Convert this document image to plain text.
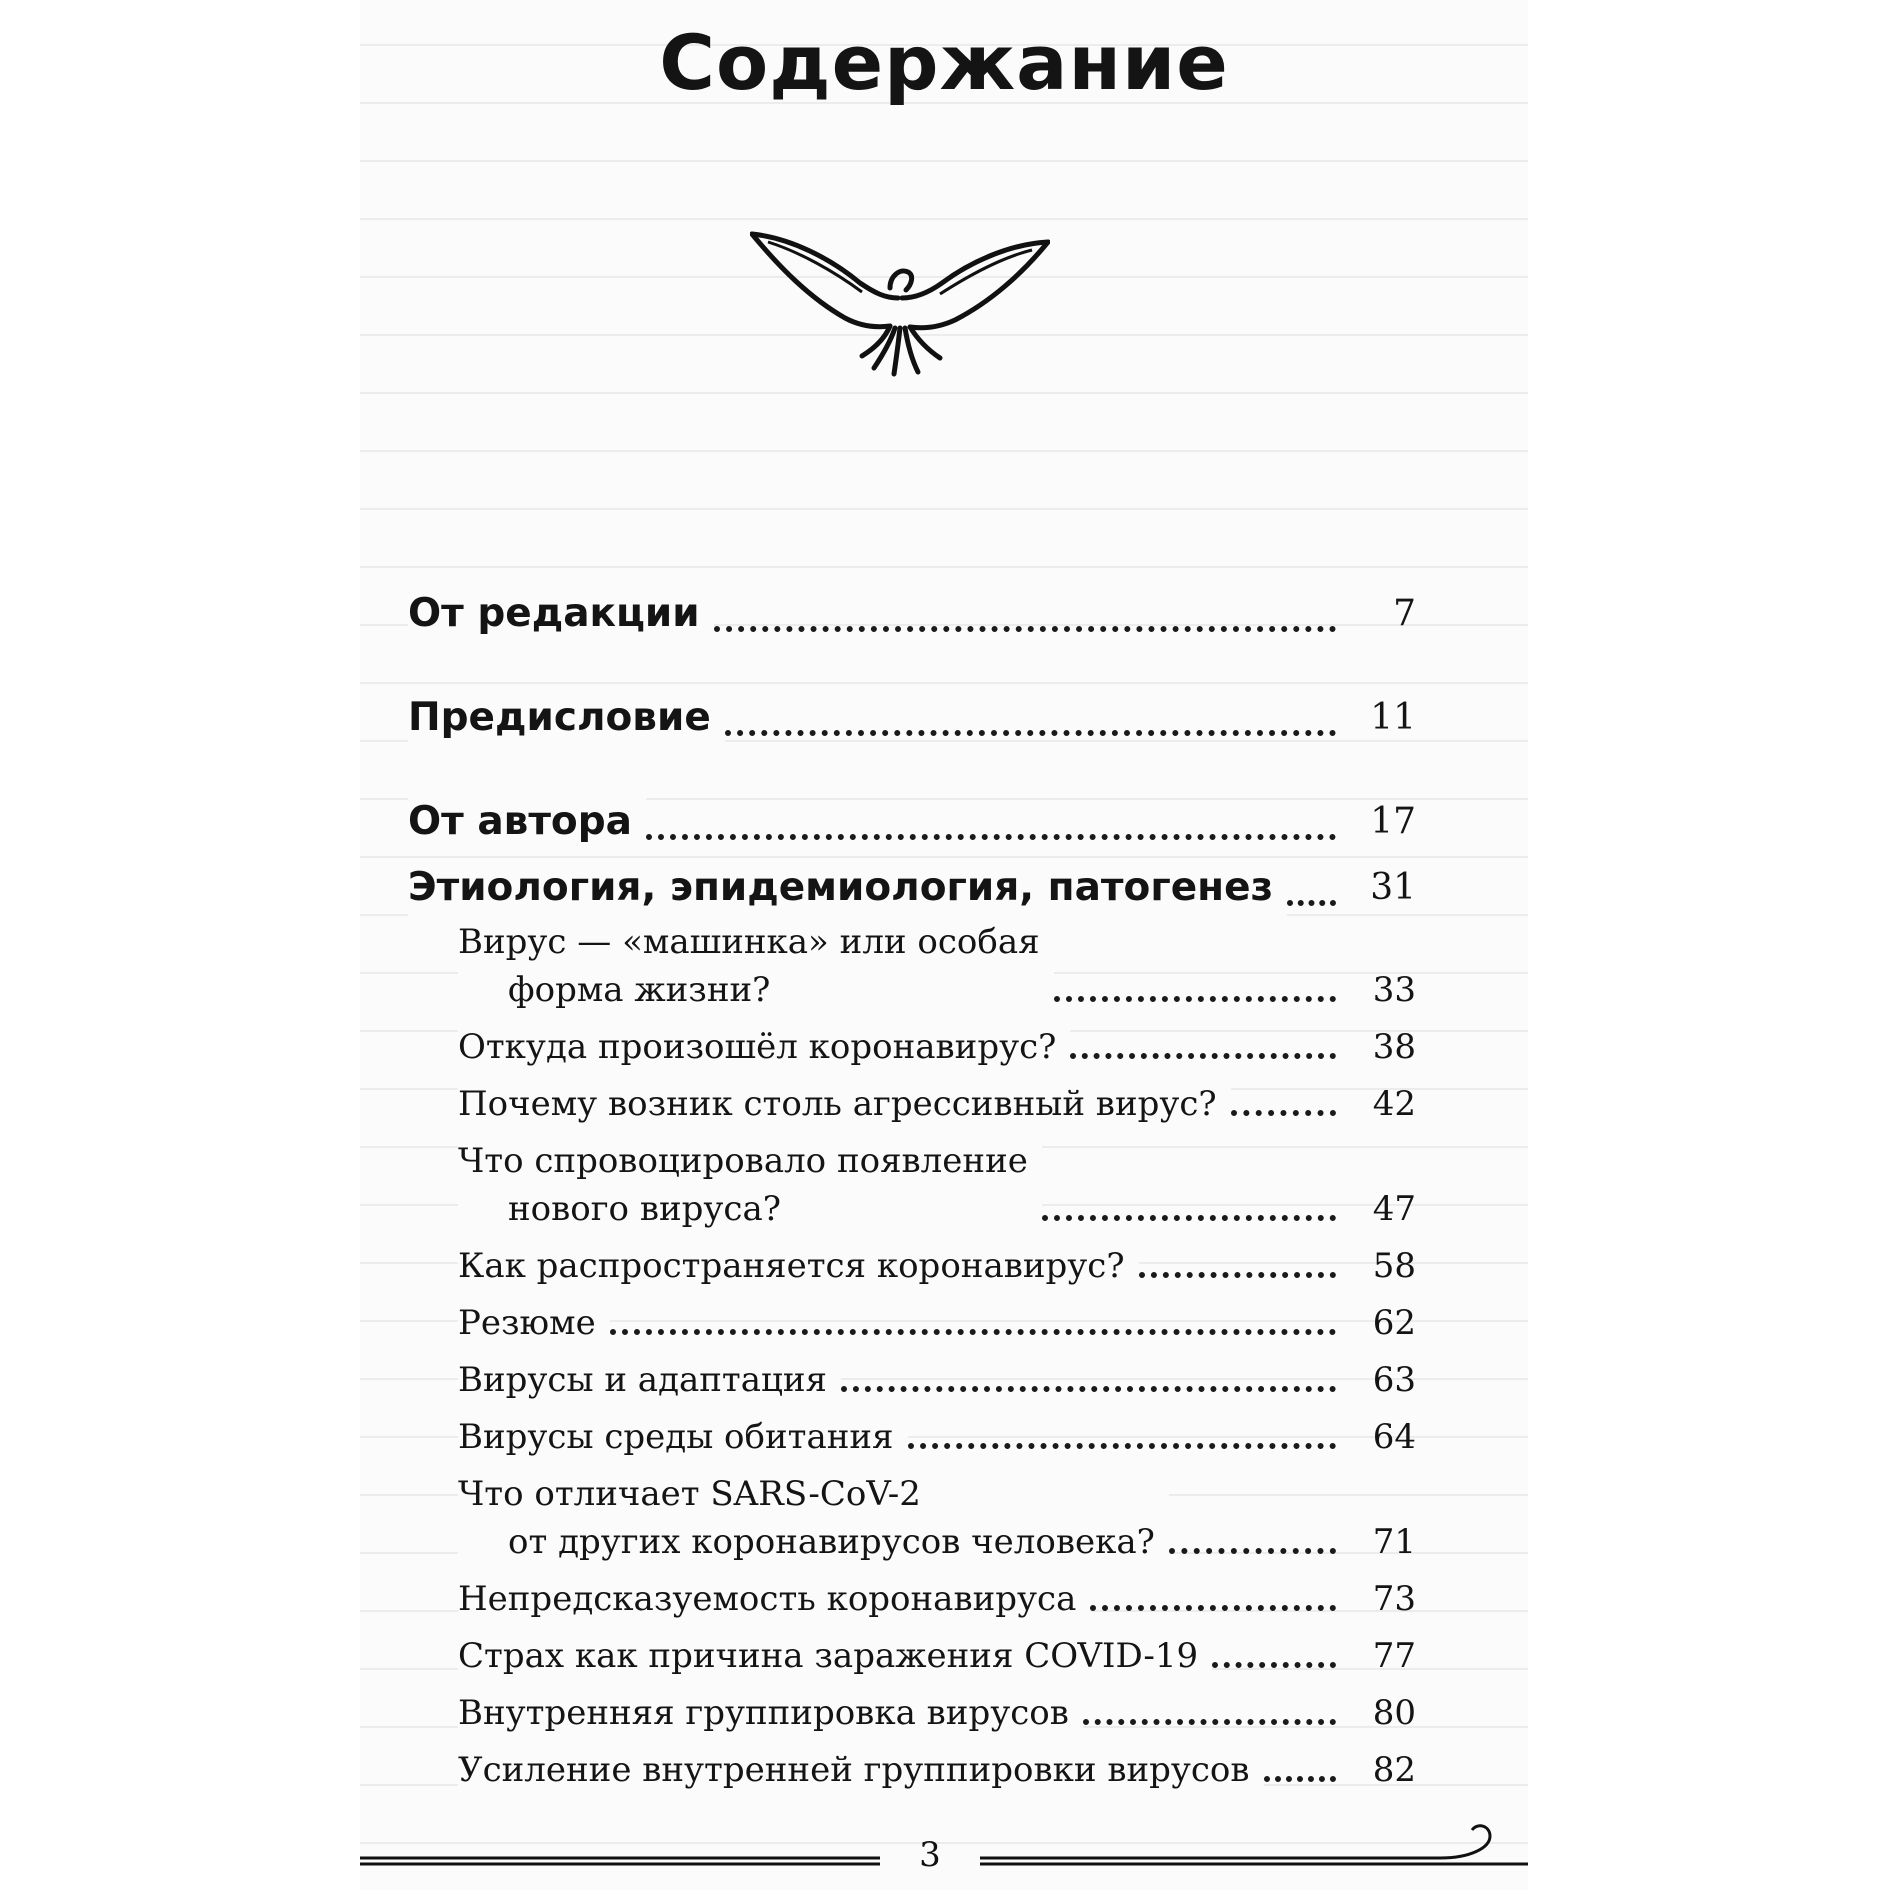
Содержание
От редакции	7
Предисловие	11
От автора	17
Этиология, эпидемиология, патогенез	31
Вирус — «машинка» или особая
форма жизни?	33
Откуда произошёл коронавирус?	38
Почему возник столь агрессивный вирус?	42
Что спровоцировало появление
нового вируса?	47
Как распространяется коронавирус?	58
Резюме	62
Вирусы и адаптация	63
Вирусы среды обитания	64
Что отличает SARS-CoV-2
от других коронавирусов человека?	71
Непредсказуемость коронавируса	73
Страх как причина заражения COVID-19	77
Внутренняя группировка вирусов	80
Усиление внутренней группировки вирусов	82
3
